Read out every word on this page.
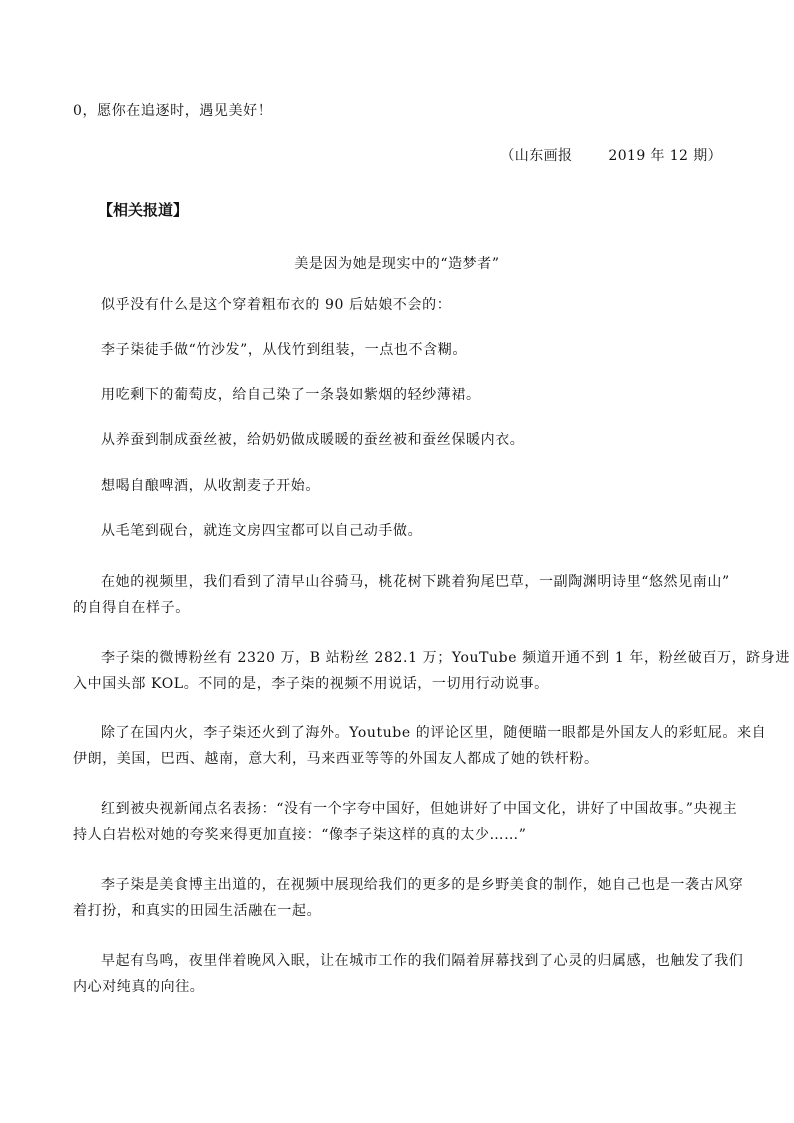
0，愿你在追逐时，遇见美好！
（山东画报	2019 年 12 期）
【相关报道】
美是因为她是现实中的“造梦者”
似乎没有什么是这个穿着粗布衣的 90 后姑娘不会的：
李子柒徒手做“竹沙发”，从伐竹到组装，一点也不含糊。
用吃剩下的葡萄皮，给自己染了一条袅如紫烟的轻纱薄裙。
从养蚕到制成蚕丝被，给奶奶做成暖暖的蚕丝被和蚕丝保暖内衣。
想喝自酿啤酒，从收割麦子开始。
从毛笔到砚台，就连文房四宝都可以自己动手做。
在她的视频里，我们看到了清早山谷骑马，桃花树下跳着狗尾巴草，一副陶渊明诗里“悠然见南山”
的自得自在样子。
李子柒的微博粉丝有 2320 万，B 站粉丝 282.1 万；YouTube 频道开通不到 1 年，粉丝破百万，跻身进
入中国头部 KOL。不同的是，李子柒的视频不用说话，一切用行动说事。
除了在国内火，李子柒还火到了海外。Youtube 的评论区里，随便瞄一眼都是外国友人的彩虹屁。来自
伊朗，美国，巴西、越南，意大利，马来西亚等等的外国友人都成了她的铁杆粉。
红到被央视新闻点名表扬：“没有一个字夸中国好，但她讲好了中国文化，讲好了中国故事。”央视主
持人白岩松对她的夸奖来得更加直接：“像李子柒这样的真的太少……”
李子柒是美食博主出道的，在视频中展现给我们的更多的是乡野美食的制作，她自己也是一袭古风穿
着打扮，和真实的田园生活融在一起。
早起有鸟鸣，夜里伴着晚风入眠，让在城市工作的我们隔着屏幕找到了心灵的归属感，也触发了我们
内心对纯真的向往。
